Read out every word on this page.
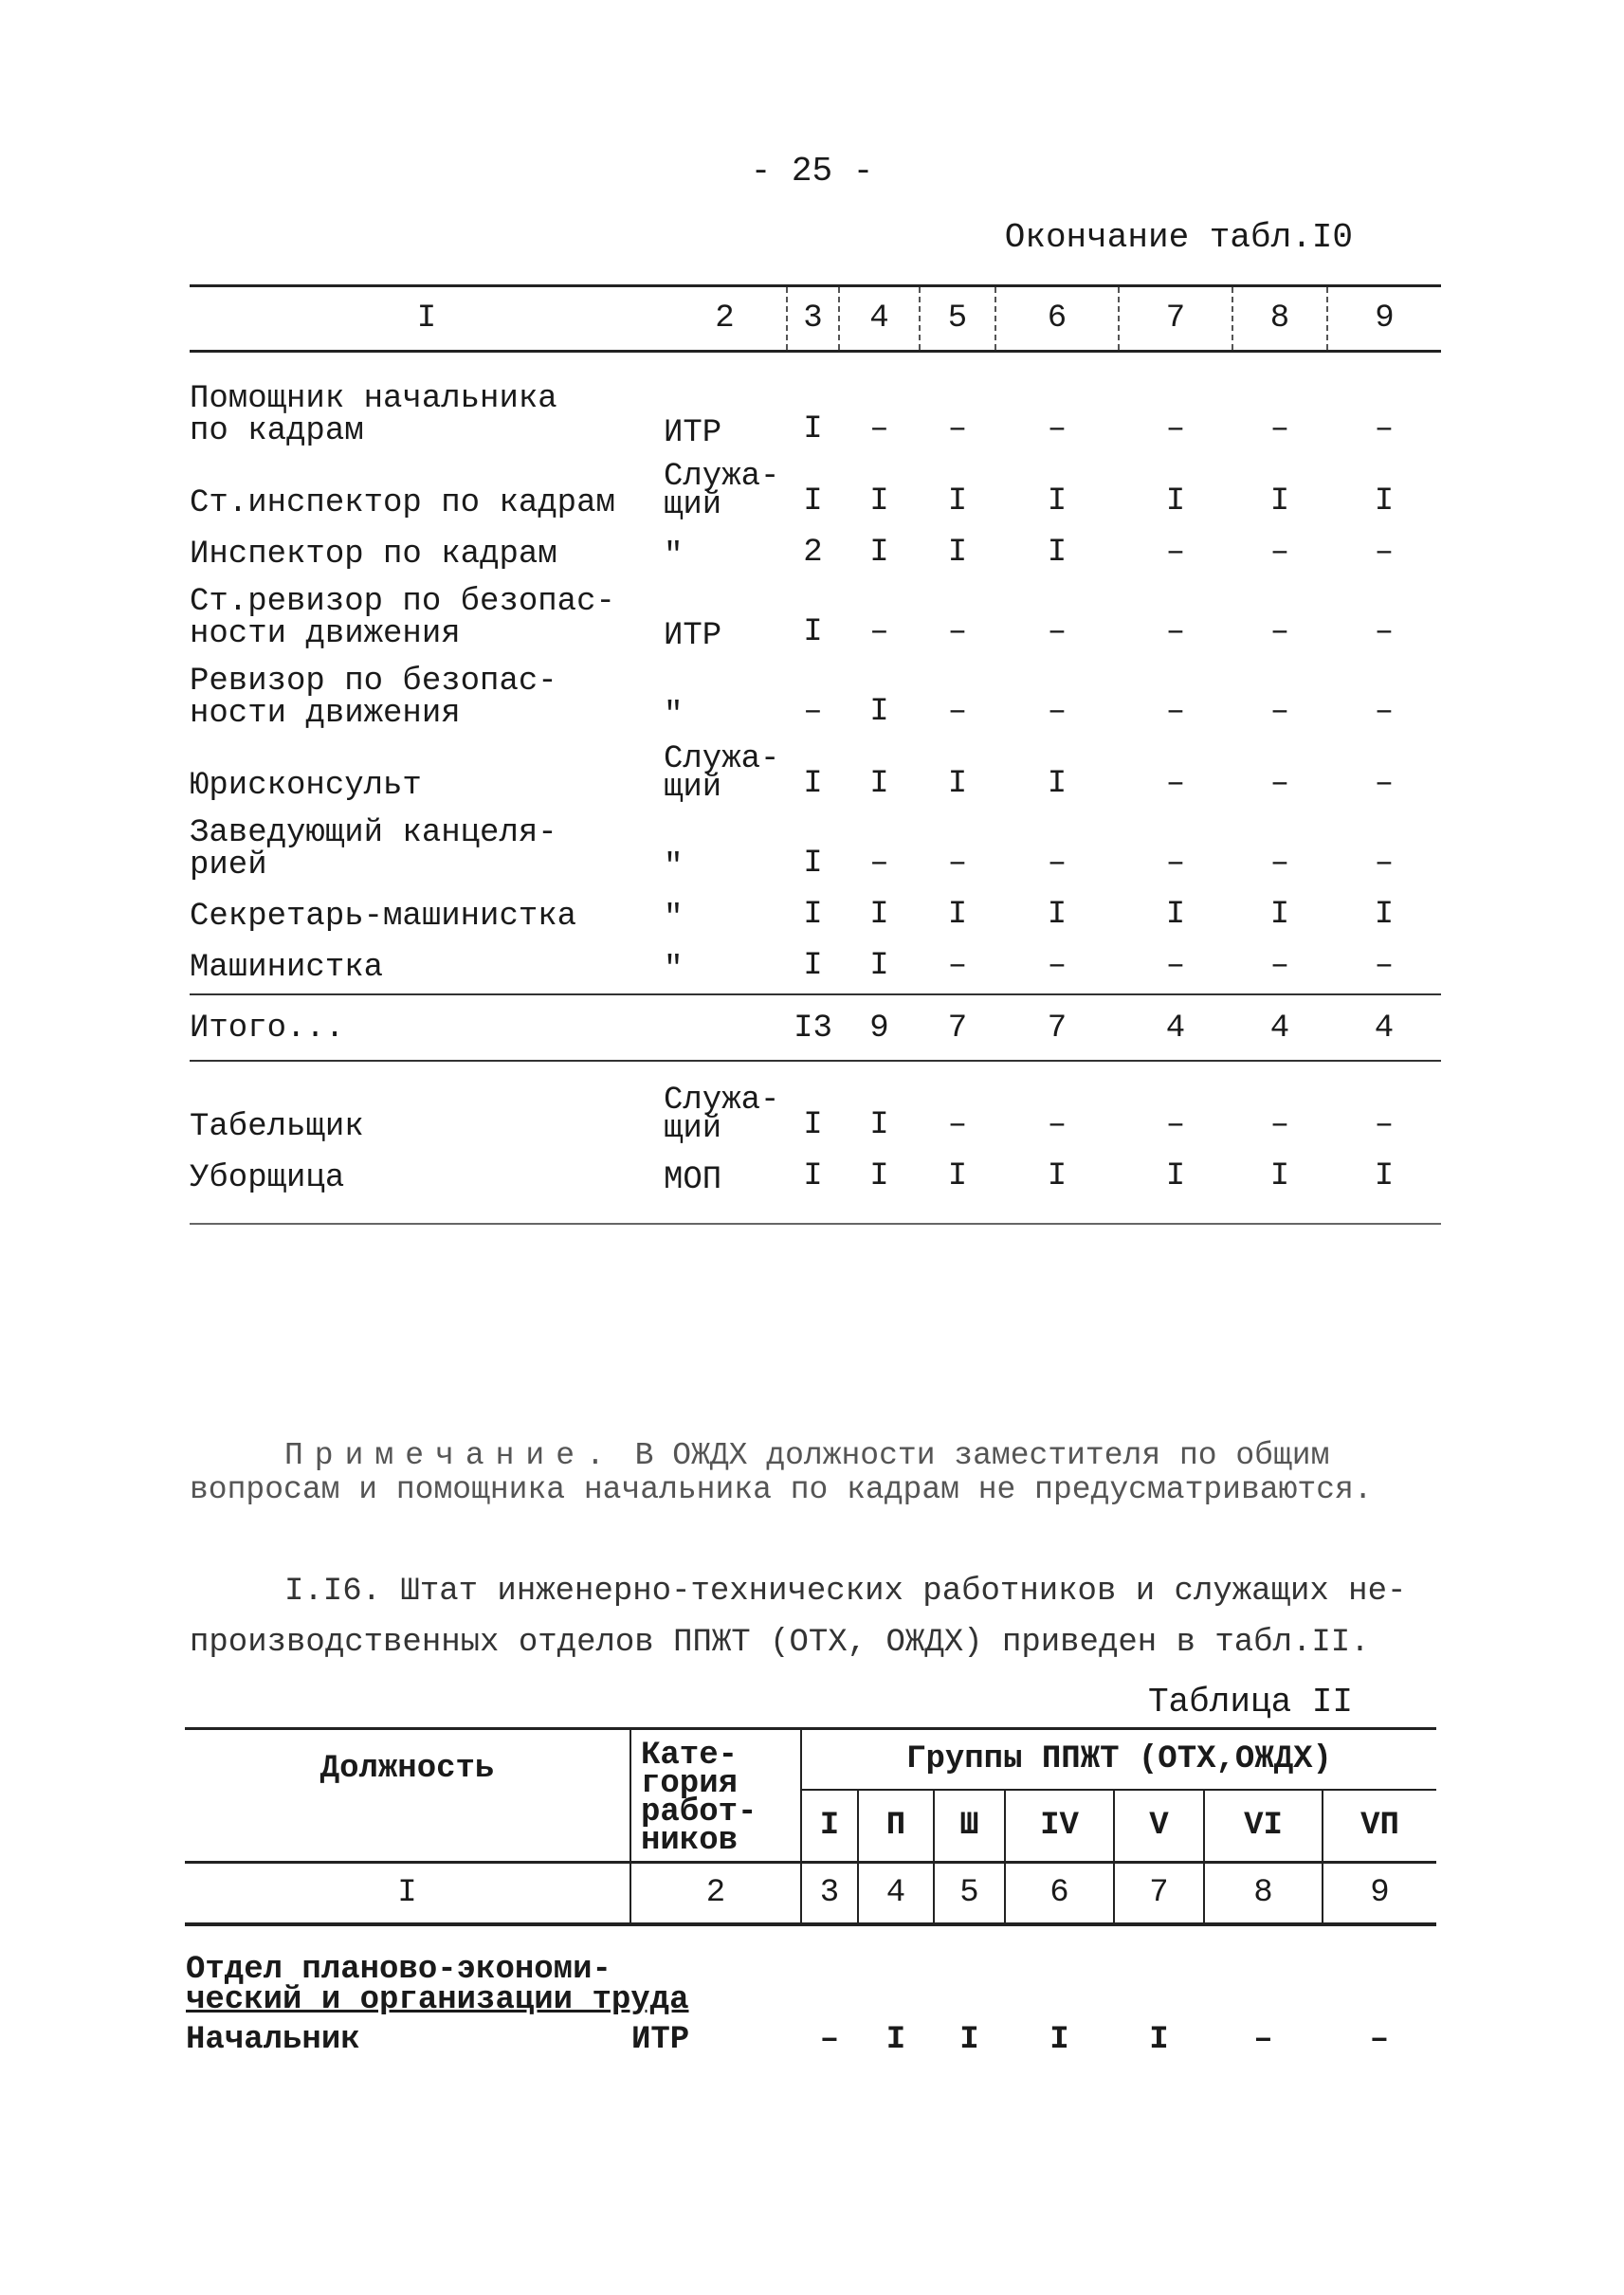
- 25 -
Окончание табл.I0
I	2	3	4	5	6	7	8	9
Помощник начальника
по кадрам	ИТР	I	–	–	–	–	–	–
Ст.инспектор по кадрам	Служа-
щий	I	I	I	I	I	I	I
Инспектор по кадрам	"	2	I	I	I	–	–	–
Ст.ревизор по безопас-
ности движения	ИТР	I	–	–	–	–	–	–
Ревизор по безопас-
ности движения	"	–	I	–	–	–	–	–
Юрисконсульт	Служа-
щий	I	I	I	I	–	–	–
Заведующий канцеля-
рией	"	I	–	–	–	–	–	–
Секретарь-машинистка	"	I	I	I	I	I	I	I
Машинистка	"	I	I	–	–	–	–	–
Итого...		I3	9	7	7	4	4	4
Табельщик	Служа-
щий	I	I	–	–	–	–	–
Уборщица	МОП	I	I	I	I	I	I	I
Примечание. В ОЖДХ должности заместителя по общим
вопросам и помощника начальника по кадрам не предусматриваются.
I.I6. Штат инженерно-технических работников и служащих не-
производственных отделов ППЖТ (ОТХ, ОЖДХ) приведен в табл.II.
Таблица II
Должность	Кате-
гория
работ-
ников	Группы ППЖТ (ОТХ,ОЖДХ)						
		I	П	Ш	IV	V	VI	VП
I	2	3	4	5	6	7	8	9

Отдел планово-экономи-
ческий и организации труда								

Начальник	ИТР	–	I	I	I	I	–	–
